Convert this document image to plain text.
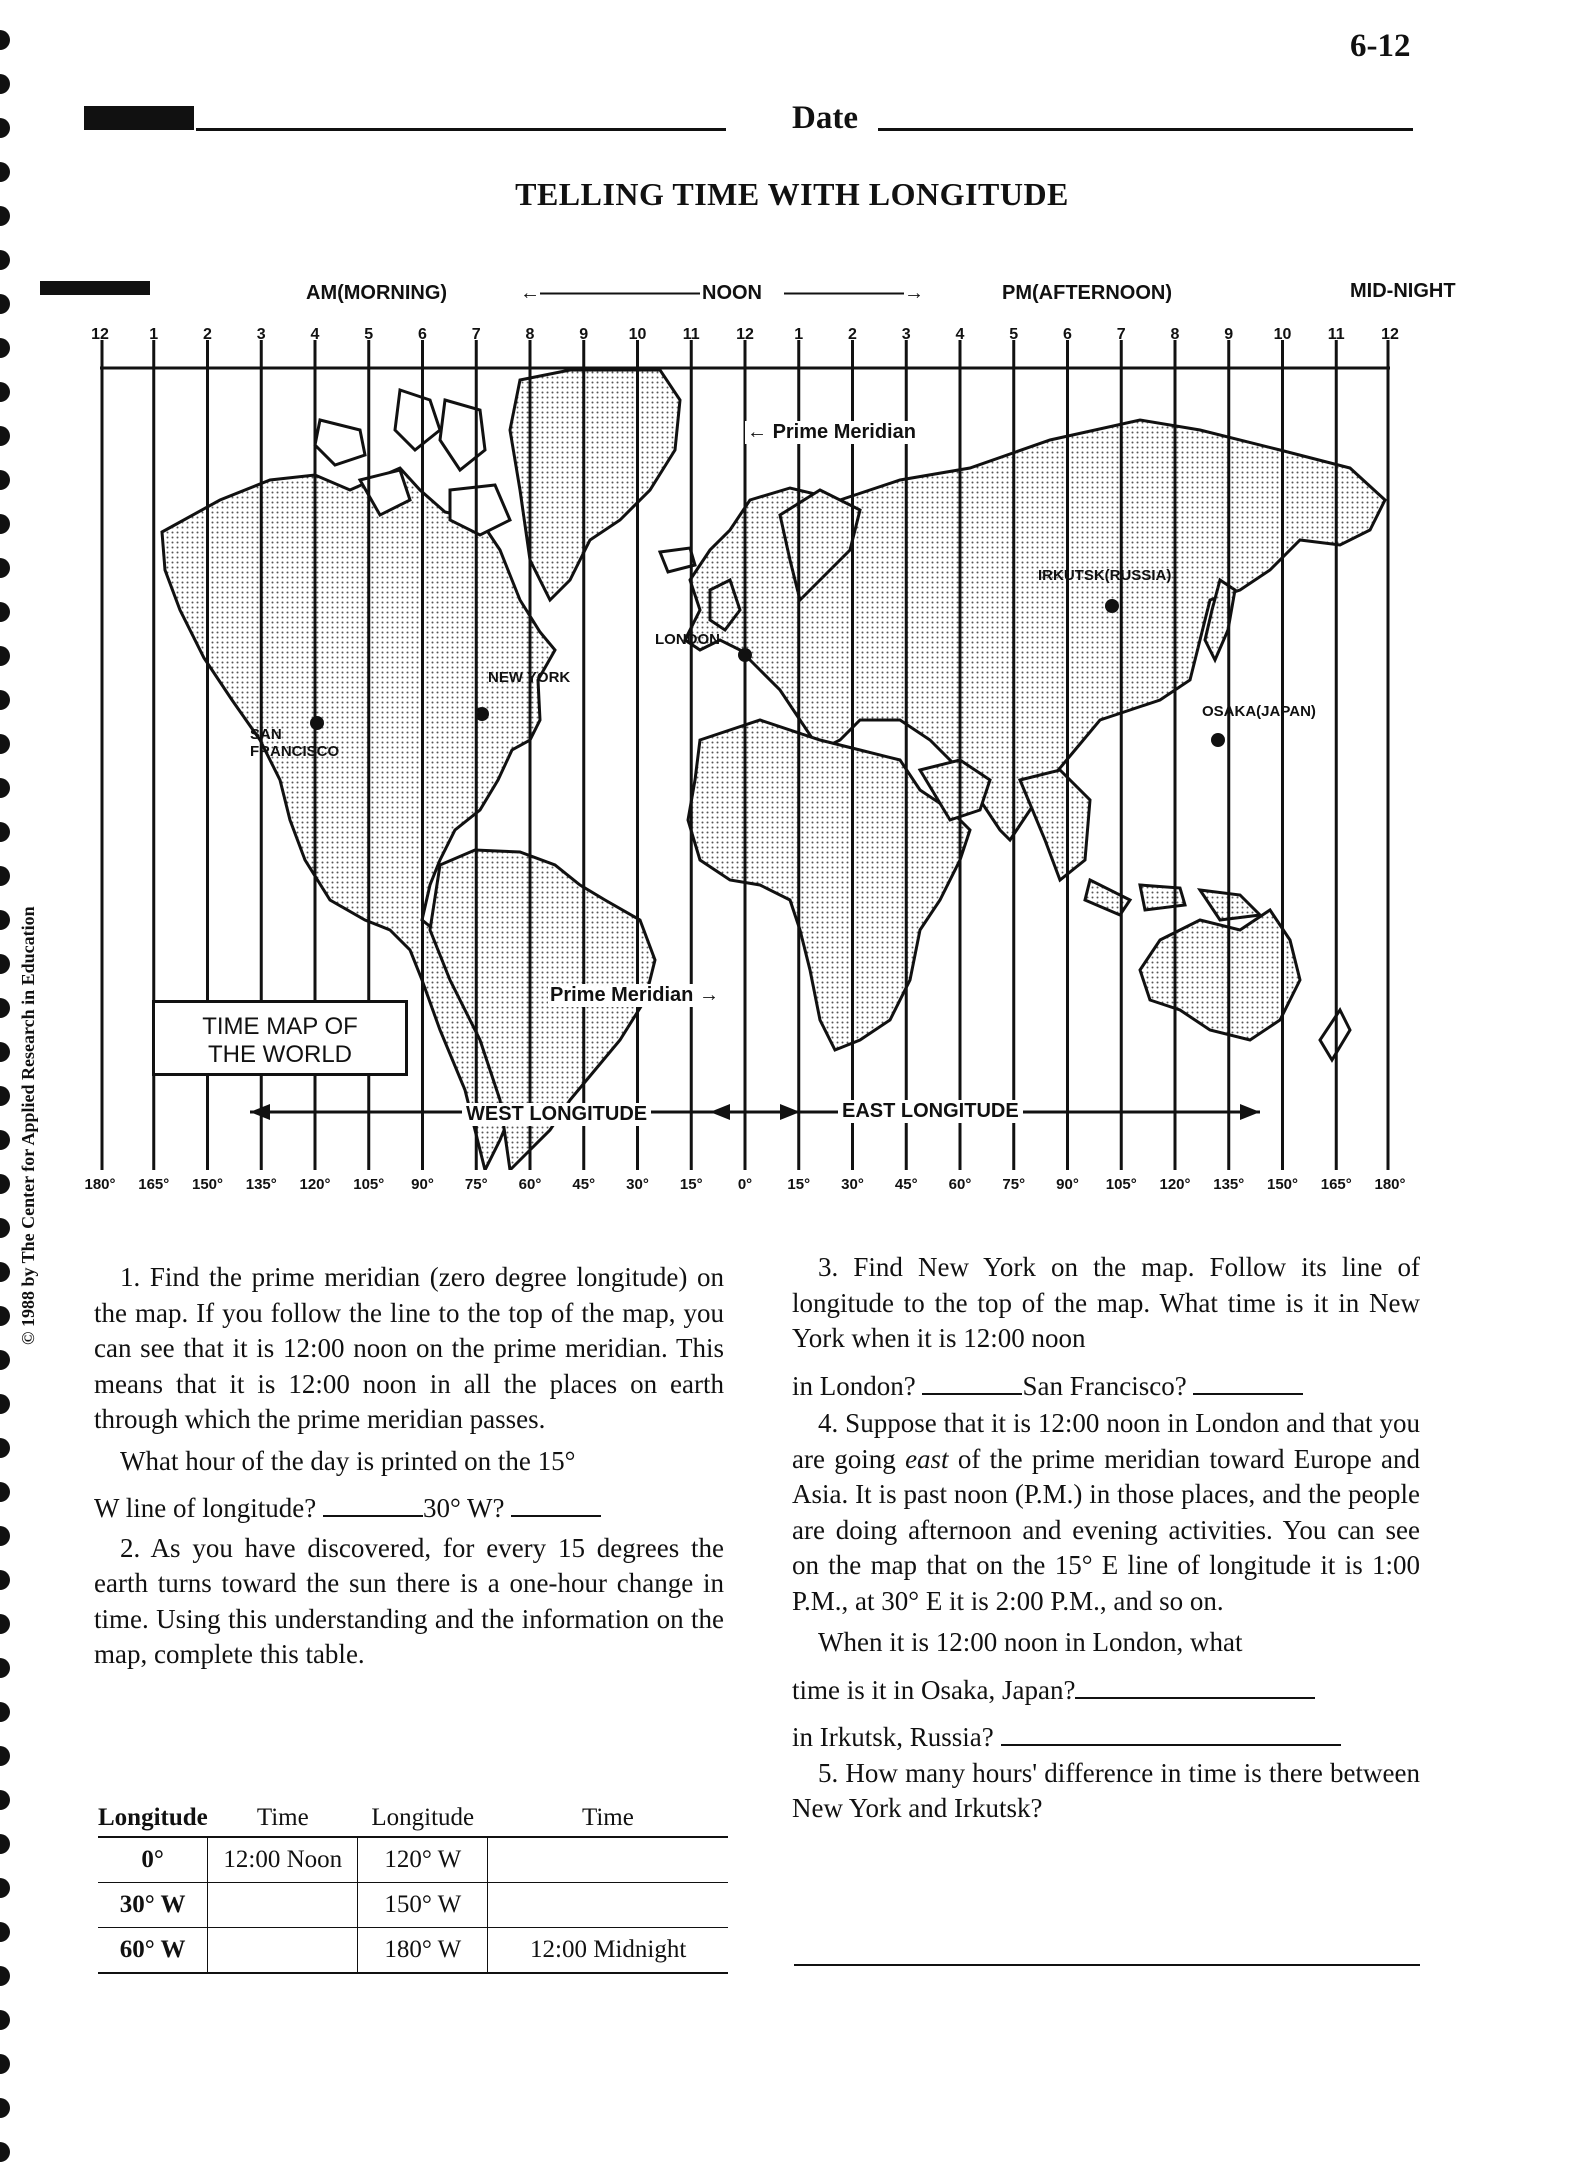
6-12
Date
TELLING TIME WITH LONGITUDE
AM(MORNING)	←———————— NOON ——————→	PM(AFTERNOON)	MID-NIGHT
12	1	2	3	4	5	6	7	8	9	10	11	12	1	2	3	4	5	6	7	8	9	10	11	12
180°	165°	150°	135°	120°	105°	90°	75°	60°	45°	30°	15°	0°	15°	30°	45°	60°	75°	90°	105°	120°	135°	150°	165°	180°
SAN FRANCISCO
NEW YORK
LONDON
IRKUTSK(RUSSIA)
OSAKA(JAPAN)
← Prime Meridian
Prime Meridian →
WEST LONGITUDE	EAST LONGITUDE
TIME MAP OF
THE WORLD
© 1988 by The Center for Applied Research in Education	1. Find the prime meridian (zero degree longitude) on the map. If you follow the line to the top of the map, you can see that it is 12:00 noon on the prime meridian. This means that it is 12:00 noon in all the places on earth through which the prime meridian passes.

What hour of the day is printed on the 15°

W line of longitude?	30° W?

2. As you have discovered, for every 15 degrees the earth turns toward the sun there is a one-hour change in time. Using this understanding and the information on the map, complete this table.

Longitude	Time	Longitude	Time
0°	12:00 Noon	120° W	
30° W		150° W	
60° W		180° W	12:00 Midnight

3. Find New York on the map. Follow its line of longitude to the top of the map. What time is it in New York when it is 12:00 noon

in London?	San Francisco?

4. Suppose that it is 12:00 noon in London and that you are going east of the prime meridian toward Europe and Asia. It is past noon (P.M.) in those places, and the people are doing afternoon and evening activities. You can see on the map that on the 15° E line of longitude it is 1:00 P.M., at 30° E it is 2:00 P.M., and so on.

When it is 12:00 noon in London, what

time is it in Osaka, Japan?

in Irkutsk, Russia?

5. How many hours' difference in time is there between New York and Irkutsk?
